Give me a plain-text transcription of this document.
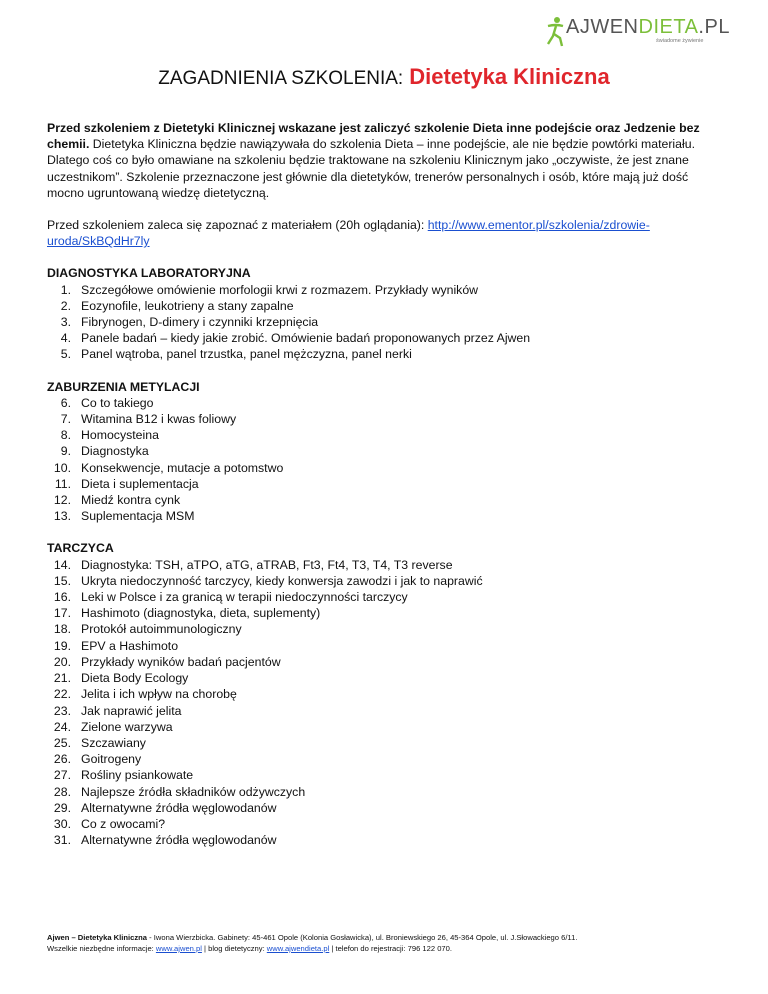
AJWENDIETA.PL
świadome żywienie
ZAGADNIENIA SZKOLENIA: Dietetyka Kliniczna

Przed szkoleniem z Dietetyki Klinicznej wskazane jest zaliczyć szkolenie Dieta inne podejście oraz Jedzenie bez chemii. Dietetyka Kliniczna będzie nawiązywała do szkolenia Dieta – inne podejście, ale nie będzie powtórki materiału. Dlatego coś co było omawiane na szkoleniu będzie traktowane na szkoleniu Klinicznym jako „oczywiste, że jest znane uczestnikom”. Szkolenie przeznaczone jest głównie dla dietetyków, trenerów personalnych i osób, które mają już dość mocno ugruntowaną wiedzę dietetyczną.

Przed szkoleniem zaleca się zapoznać z materiałem (20h oglądania): http://www.ementor.pl/szkolenia/zdrowie-uroda/SkBQdHr7ly

DIAGNOSTYKA LABORATORYJNA
1. Szczegółowe omówienie morfologii krwi z rozmazem. Przykłady wyników
2. Eozynofile, leukotrieny a stany zapalne
3. Fibrynogen, D-dimery i czynniki krzepnięcia
4. Panele badań – kiedy jakie zrobić. Omówienie badań proponowanych przez Ajwen
5. Panel wątroba, panel trzustka, panel mężczyzna, panel nerki
ZABURZENIA METYLACJI
6. Co to takiego
7. Witamina B12 i kwas foliowy
8. Homocysteina
9. Diagnostyka
10. Konsekwencje, mutacje a potomstwo
11. Dieta i suplementacja
12. Miedź kontra cynk
13. Suplementacja MSM
TARCZYCA
14. Diagnostyka: TSH, aTPO, aTG, aTRAB, Ft3, Ft4, T3, T4, T3 reverse
15. Ukryta niedoczynność tarczycy, kiedy konwersja zawodzi i jak to naprawić
16. Leki w Polsce i za granicą w terapii niedoczynności tarczycy
17. Hashimoto (diagnostyka, dieta, suplementy)
18. Protokół autoimmunologiczny
19. EPV a Hashimoto
20. Przykłady wyników badań pacjentów
21. Dieta Body Ecology
22. Jelita i ich wpływ na chorobę
23. Jak naprawić jelita
24. Zielone warzywa
25. Szczawiany
26. Goitrogeny
27. Rośliny psiankowate
28. Najlepsze źródła składników odżywczych
29. Alternatywne źródła węglowodanów
30. Co z owocami?
31. Alternatywne źródła węglowodanów
Ajwen – Dietetyka Kliniczna - Iwona Wierzbicka. Gabinety: 45-461 Opole (Kolonia Gosławicka), ul. Broniewskiego 26, 45-364 Opole, ul. J.Słowackiego 6/11.
Wszelkie niezbędne informacje: www.ajwen.pl | blog dietetyczny: www.ajwendieta.pl | telefon do rejestracji: 796 122 070.
